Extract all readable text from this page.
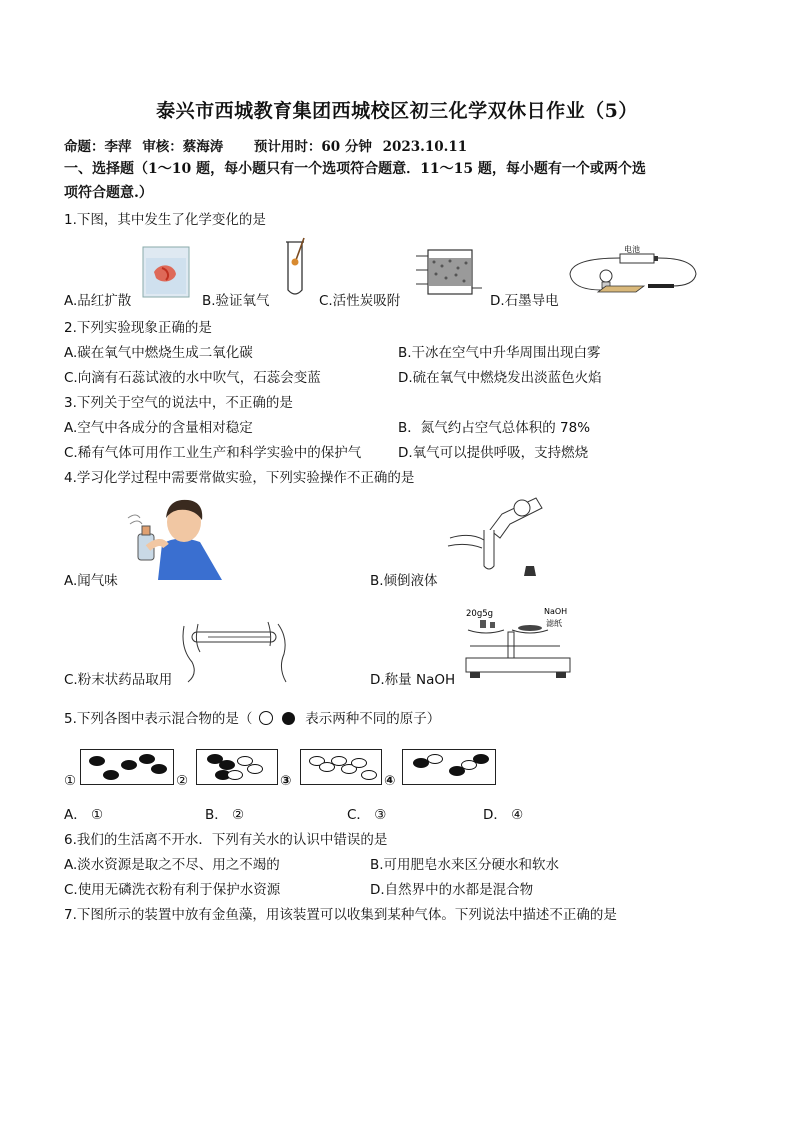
泰兴市西城教育集团西城校区初三化学双休日作业（5）
命题：李萍 审核：蔡海涛 预计用时：60 分钟 2023.10.11
一、选择题（1～10 题，每小题只有一个选项符合题意．11～15 题，每小题有一个或两个选
项符合题意.）
1.下图，其中发生了化学变化的是
A.品红扩散	B.验证氧气	C.活性炭吸附
电池
D.石墨导电
2.下列实验现象正确的是
A.碳在氧气中燃烧生成二氧化碳	B.干冰在空气中升华周围出现白雾
C.向滴有石蕊试液的水中吹气，石蕊会变蓝	D.硫在氧气中燃烧发出淡蓝色火焰
3.下列关于空气的说法中，不正确的是
A.空气中各成分的含量相对稳定	B．氮气约占空气总体积的 78%
C.稀有气体可用作工业生产和科学实验中的保护气	D.氧气可以提供呼吸，支持燃烧
4.学习化学过程中需要常做实验，下列实验操作不正确的是
A.闻气味	B.倾倒液体
C.粉末状药品取用
20g5g	NaOH
滤纸
D.称量 NaOH
5.下列各图中表示混合物的是（	表示两种不同的原子）
①	②	③	④
A． ①	B． ②	C． ③	D． ④
6.我们的生活离不开水．下列有关水的认识中错误的是
A.淡水资源是取之不尽、用之不竭的	B.可用肥皂水来区分硬水和软水
C.使用无磷洗衣粉有利于保护水资源	D.自然界中的水都是混合物
7.下图所示的装置中放有金鱼藻，用该装置可以收集到某种气体。下列说法中描述不正确的是
